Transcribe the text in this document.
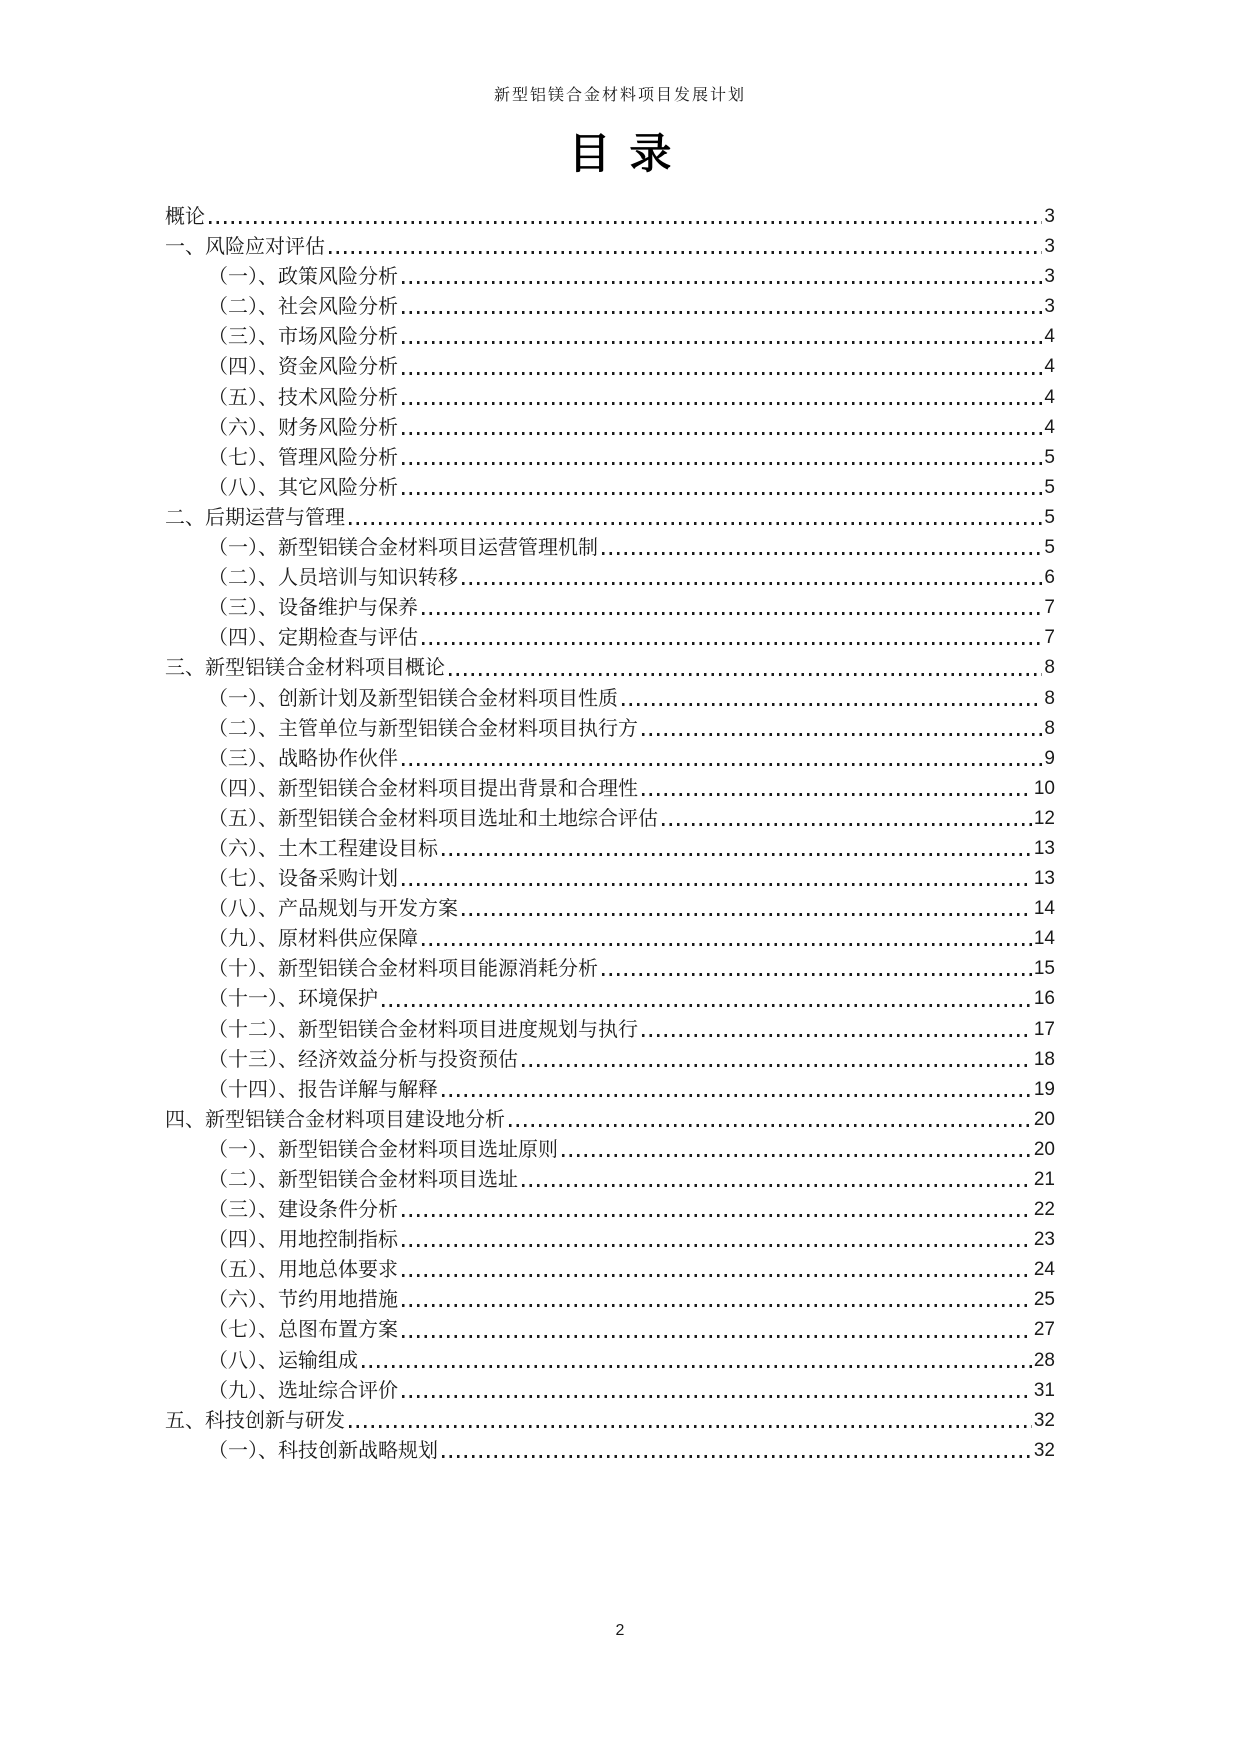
新型铝镁合金材料项目发展计划
目录
概论	3
一、风险应对评估	3
（一）、政策风险分析	3
（二）、社会风险分析	3
（三）、市场风险分析	4
（四）、资金风险分析	4
（五）、技术风险分析	4
（六）、财务风险分析	4
（七）、管理风险分析	5
（八）、其它风险分析	5
二、后期运营与管理	5
（一）、新型铝镁合金材料项目运营管理机制	5
（二）、人员培训与知识转移	6
（三）、设备维护与保养	7
（四）、定期检查与评估	7
三、新型铝镁合金材料项目概论	8
（一）、创新计划及新型铝镁合金材料项目性质	8
（二）、主管单位与新型铝镁合金材料项目执行方	8
（三）、战略协作伙伴	9
（四）、新型铝镁合金材料项目提出背景和合理性	10
（五）、新型铝镁合金材料项目选址和土地综合评估	12
（六）、土木工程建设目标	13
（七）、设备采购计划	13
（八）、产品规划与开发方案	14
（九）、原材料供应保障	14
（十）、新型铝镁合金材料项目能源消耗分析	15
（十一）、环境保护	16
（十二）、新型铝镁合金材料项目进度规划与执行	17
（十三）、经济效益分析与投资预估	18
（十四）、报告详解与解释	19
四、新型铝镁合金材料项目建设地分析	20
（一）、新型铝镁合金材料项目选址原则	20
（二）、新型铝镁合金材料项目选址	21
（三）、建设条件分析	22
（四）、用地控制指标	23
（五）、用地总体要求	24
（六）、节约用地措施	25
（七）、总图布置方案	27
（八）、运输组成	28
（九）、选址综合评价	31
五、科技创新与研发	32
（一）、科技创新战略规划	32
2
